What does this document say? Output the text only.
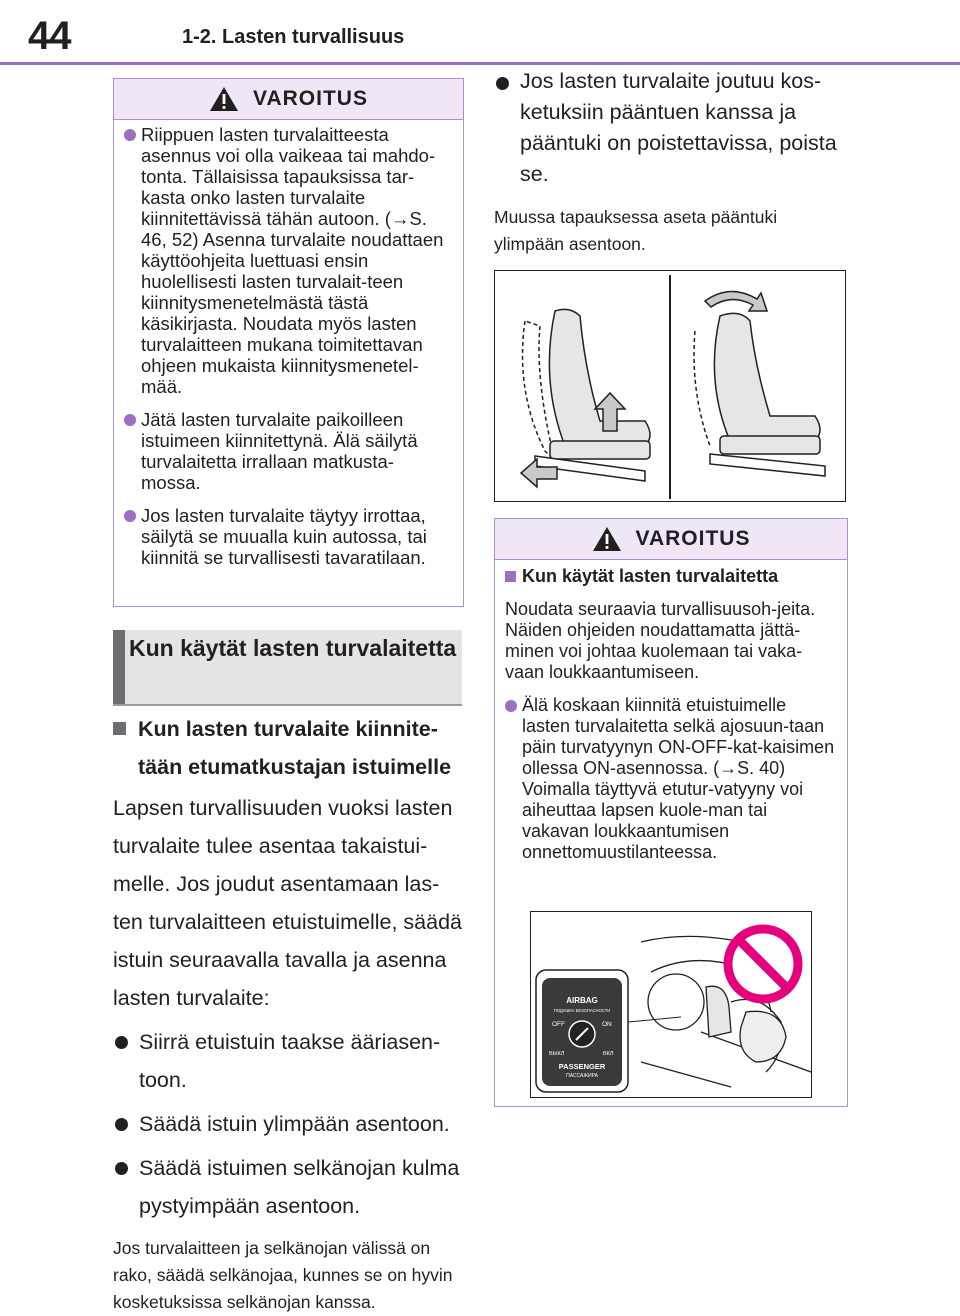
44	1-2. Lasten turvallisuus
VAROITUS
Riippuen lasten turvalaitteesta asennus voi olla vaikeaa tai mahdo-tonta. Tällaisissa tapauksissa tar-kasta onko lasten turvalaite kiinnitettävissä tähän autoon. (→S. 46, 52) Asenna turvalaite noudattaen käyttöohjeita luettuasi ensin huolellisesti lasten turvalait-teen kiinnitysmenetelmästä tästä käsikirjasta. Noudata myös lasten turvalaitteen mukana toimitettavan ohjeen mukaista kiinnitysmenetel-mää.
Jätä lasten turvalaite paikoilleen istuimeen kiinnitettynä. Älä säilytä turvalaitetta irrallaan matkusta-mossa.
Jos lasten turvalaite täytyy irrottaa, säilytä se muualla kuin autossa, tai kiinnitä se turvallisesti tavaratilaan.
Kun käytät lasten turvalaitetta
Kun lasten turvalaite kiinnite-tään etumatkustajan istuimelle
Lapsen turvallisuuden vuoksi lasten turvalaite tulee asentaa takaistui-melle. Jos joudut asentamaan las-ten turvalaitteen etuistuimelle, säädä istuin seuraavalla tavalla ja asenna lasten turvalaite:
Siirrä etuistuin taakse ääriasen-toon.
Säädä istuin ylimpään asentoon.
Säädä istuimen selkänojan kulma pystyimpään asentoon.
Jos turvalaitteen ja selkänojan välissä on rako, säädä selkänojaa, kunnes se on hyvin kosketuksissa selkänojan kanssa.
Jos lasten turvalaite joutuu kos-ketuksiin pääntuen kanssa ja pääntuki on poistettavissa, poista se.
Muussa tapauksessa aseta pääntuki ylimpään asentoon.
VAROITUS
Kun käytät lasten turvalaitetta
Noudata seuraavia turvallisuusoh-jeita.
Näiden ohjeiden noudattamatta jättä-minen voi johtaa kuolemaan tai vaka-vaan loukkaantumiseen.
Älä koskaan kiinnitä etuistuimelle lasten turvalaitetta selkä ajosuun-taan päin turvatyynyn ON-OFF-kat-kaisimen ollessa ON-asennossa. (→S. 40) Voimalla täyttyvä etutur-vatyyny voi aiheuttaa lapsen kuole-man tai vakavan loukkaantumisen onnettomuustilanteessa.
AIRBAG
ПОДУШКА БЕЗОПАСНОСТИ
OFF	ON
ВЫКЛ	ВКЛ
PASSENGER
ПАССАЖИРА
